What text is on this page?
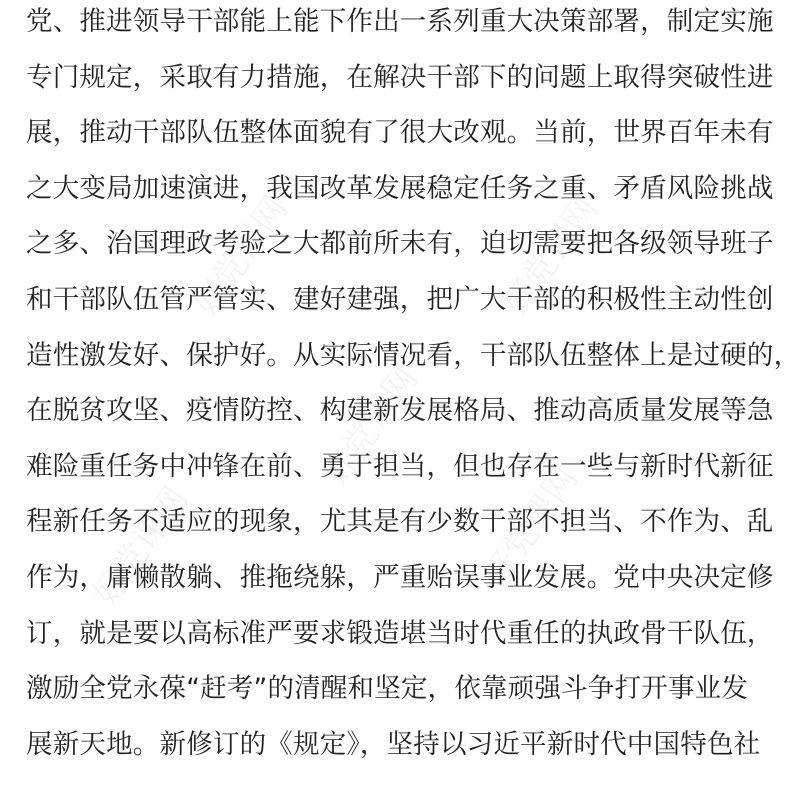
党、推进领导干部能上能下作出一系列重大决策部署，制定实施
专门规定，采取有力措施，在解决干部下的问题上取得突破性进
展，推动干部队伍整体面貌有了很大改观。当前，世界百年未有
之大变局加速演进，我国改革发展稳定任务之重、矛盾风险挑战
之多、治国理政考验之大都前所未有，迫切需要把各级领导班子
和干部队伍管严管实、建好建强，把广大干部的积极性主动性创
造性激发好、保护好。从实际情况看，干部队伍整体上是过硬的，
在脱贫攻坚、疫情防控、构建新发展格局、推动高质量发展等急
难险重任务中冲锋在前、勇于担当，但也存在一些与新时代新征
程新任务不适应的现象，尤其是有少数干部不担当、不作为、乱
作为，庸懒散躺、推拖绕躲，严重贻误事业发展。党中央决定修
订，就是要以高标准严要求锻造堪当时代重任的执政骨干队伍，
激励全党永葆“赶考”的清醒和坚定，依靠顽强斗争打开事业发
展新天地。新修订的《规定》，坚持以习近平新时代中国特色社
好党课网	好党课网
好党课网
好党课网	好党课网
